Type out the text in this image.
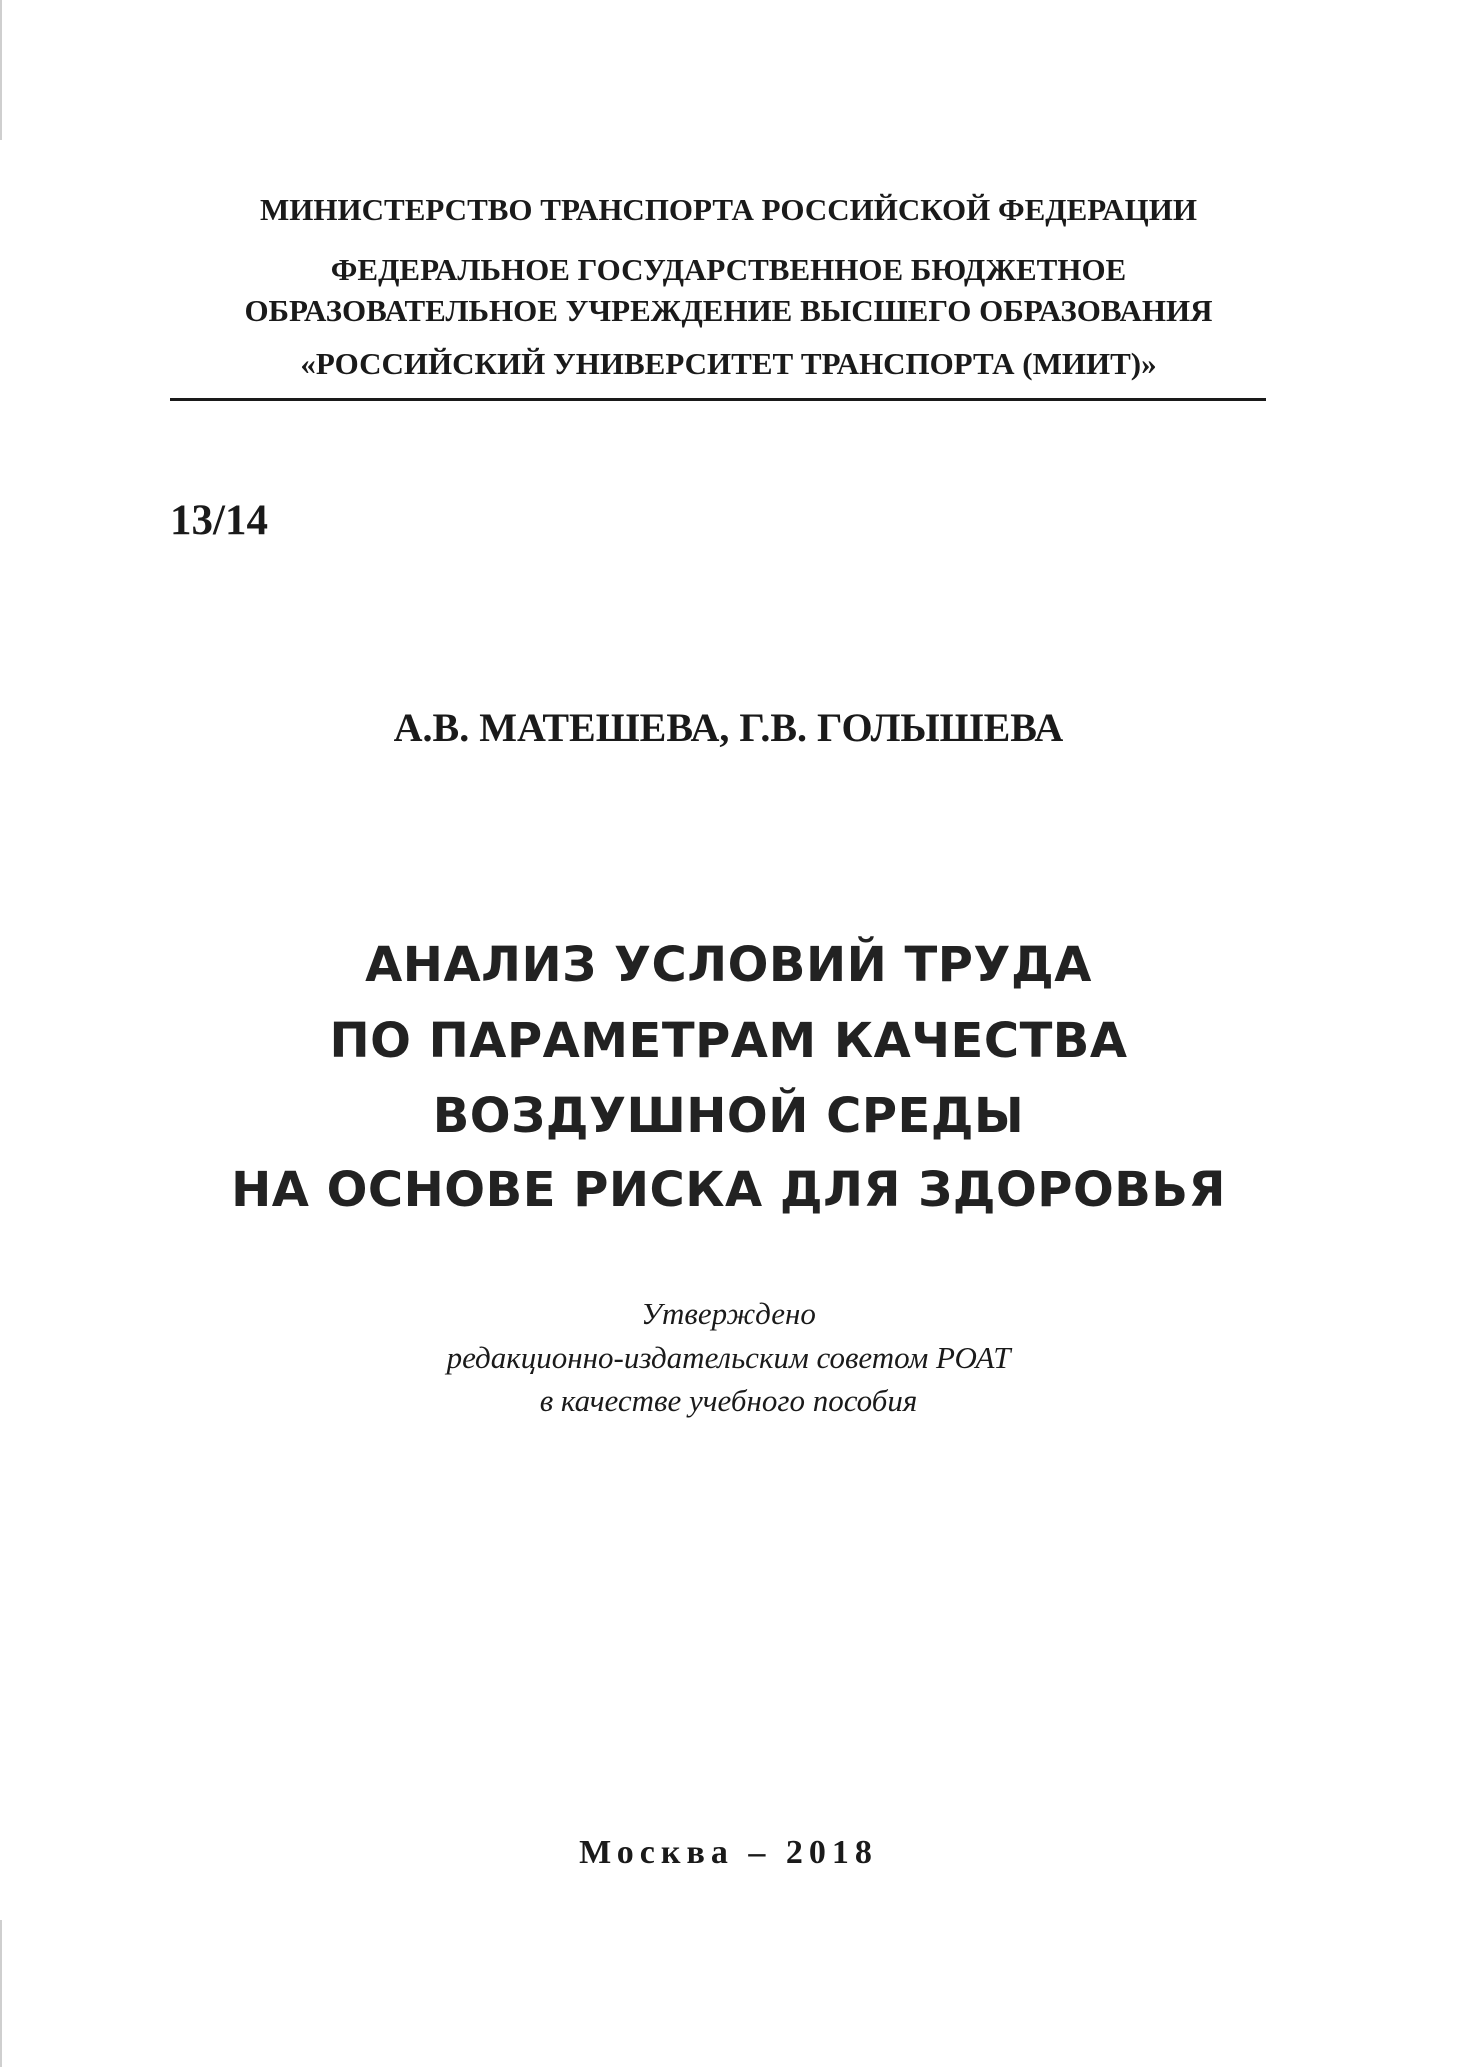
МИНИСТЕРСТВО ТРАНСПОРТА РОССИЙСКОЙ ФЕДЕРАЦИИ
ФЕДЕРАЛЬНОЕ ГОСУДАРСТВЕННОЕ БЮДЖЕТНОЕ
ОБРАЗОВАТЕЛЬНОЕ УЧРЕЖДЕНИЕ ВЫСШЕГО ОБРАЗОВАНИЯ
«РОССИЙСКИЙ УНИВЕРСИТЕТ ТРАНСПОРТА (МИИТ)»
13/14
А.В. МАТЕШЕВА, Г.В. ГОЛЫШЕВА
АНАЛИЗ УСЛОВИЙ ТРУДА
ПО ПАРАМЕТРАМ КАЧЕСТВА
ВОЗДУШНОЙ СРЕДЫ
НА ОСНОВЕ РИСКА ДЛЯ ЗДОРОВЬЯ
Утверждено
редакционно-издательским советом РОАТ
в качестве учебного пособия
Москва – 2018
